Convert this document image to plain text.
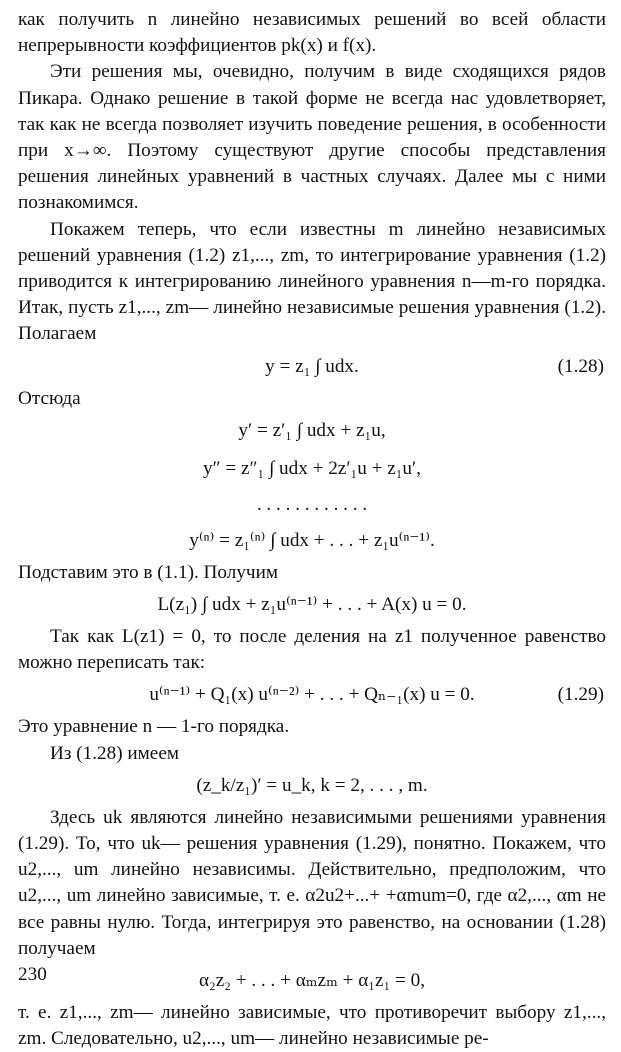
как получить n линейно независимых решений во всей области непрерывности коэффициентов pk(x) и f(x).

Эти решения мы, очевидно, получим в виде сходящихся рядов Пикара. Однако решение в такой форме не всегда нас удовлетворяет, так как не всегда позволяет изучить поведение решения, в особенности при x→∞. Поэтому существуют другие способы представления решения линейных уравнений в частных случаях. Далее мы с ними познакомимся.

Покажем теперь, что если известны m линейно независимых решений уравнения (1.2) z1,..., zm, то интегрирование уравнения (1.2) приводится к интегрированию линейного уравнения n—m-го порядка. Итак, пусть z1,..., zm— линейно независимые решения уравнения (1.2). Полагаем

y = z₁ ∫ udx.	(1.28)

Отсюда

y′ = z′₁ ∫ udx + z₁u,
y″ = z″₁ ∫ udx + 2z′₁u + z₁u′,
. . . . . . . . . . . .
y⁽ⁿ⁾ = z₁⁽ⁿ⁾ ∫ udx + . . . + z₁u⁽ⁿ⁻¹⁾.

Подставим это в (1.1). Получим

L(z₁) ∫ udx + z₁u⁽ⁿ⁻¹⁾ + . . . + A(x) u = 0.

Так как L(z1) = 0, то после деления на z1 полученное равенство можно переписать так:

u⁽ⁿ⁻¹⁾ + Q₁(x) u⁽ⁿ⁻²⁾ + . . . + Qₙ₋₁(x) u = 0.	(1.29)

Это уравнение n — 1-го порядка.

Из (1.28) имеем

(z_k/z₁)′ = u_k, k = 2, . . . , m.

Здесь uk являются линейно независимыми решениями уравнения (1.29). То, что uk— решения уравнения (1.29), понятно. Покажем, что u2,..., um линейно независимы. Действительно, предположим, что u2,..., um линейно зависимые, т. е. α2u2+...+ +αmum=0, где α2,..., αm не все равны нулю. Тогда, интегрируя это равенство, на основании (1.28) получаем

α₂z₂ + . . . + αₘzₘ + α₁z₁ = 0,

т. е. z1,..., zm— линейно зависимые, что противоречит выбору z1,..., zm. Следовательно, u2,..., um— линейно независимые ре-

230
